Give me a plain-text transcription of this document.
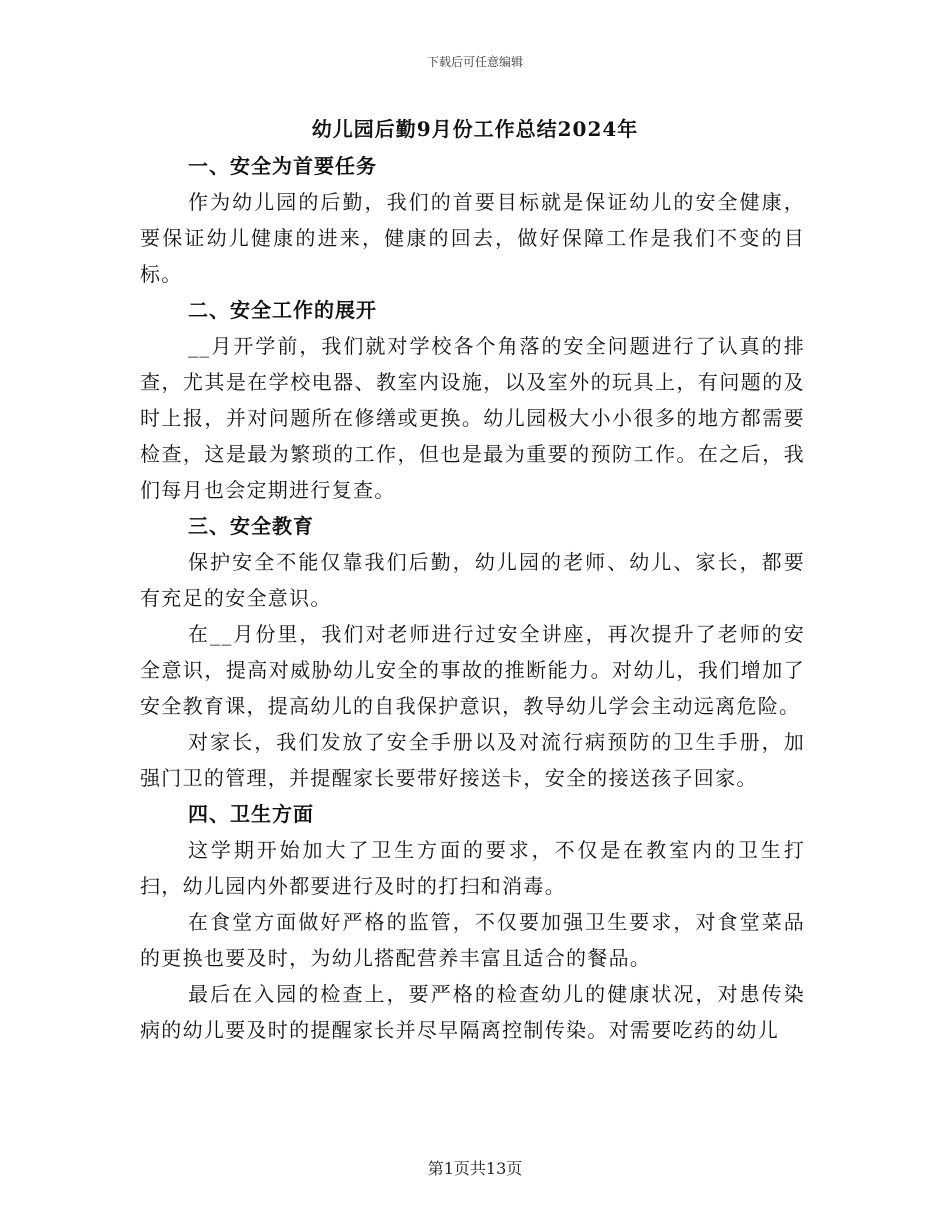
下载后可任意编辑
幼儿园后勤9月份工作总结2024年
一、安全为首要任务

作为幼儿园的后勤，我们的首要目标就是保证幼儿的安全健康，要保证幼儿健康的进来，健康的回去，做好保障工作是我们不变的目标。

二、安全工作的展开

__月开学前，我们就对学校各个角落的安全问题进行了认真的排查，尤其是在学校电器、教室内设施，以及室外的玩具上，有问题的及时上报，并对问题所在修缮或更换。幼儿园极大小小很多的地方都需要检查，这是最为繁琐的工作，但也是最为重要的预防工作。在之后，我们每月也会定期进行复查。

三、安全教育

保护安全不能仅靠我们后勤，幼儿园的老师、幼儿、家长，都要有充足的安全意识。

在__月份里，我们对老师进行过安全讲座，再次提升了老师的安全意识，提高对威胁幼儿安全的事故的推断能力。对幼儿，我们增加了安全教育课，提高幼儿的自我保护意识，教导幼儿学会主动远离危险。

对家长，我们发放了安全手册以及对流行病预防的卫生手册，加强门卫的管理，并提醒家长要带好接送卡，安全的接送孩子回家。

四、卫生方面

这学期开始加大了卫生方面的要求，不仅是在教室内的卫生打扫，幼儿园内外都要进行及时的打扫和消毒。

在食堂方面做好严格的监管，不仅要加强卫生要求，对食堂菜品的更换也要及时，为幼儿搭配营养丰富且适合的餐品。

最后在入园的检查上，要严格的检查幼儿的健康状况，对患传染病的幼儿要及时的提醒家长并尽早隔离控制传染。对需要吃药的幼儿

第1页共13页
